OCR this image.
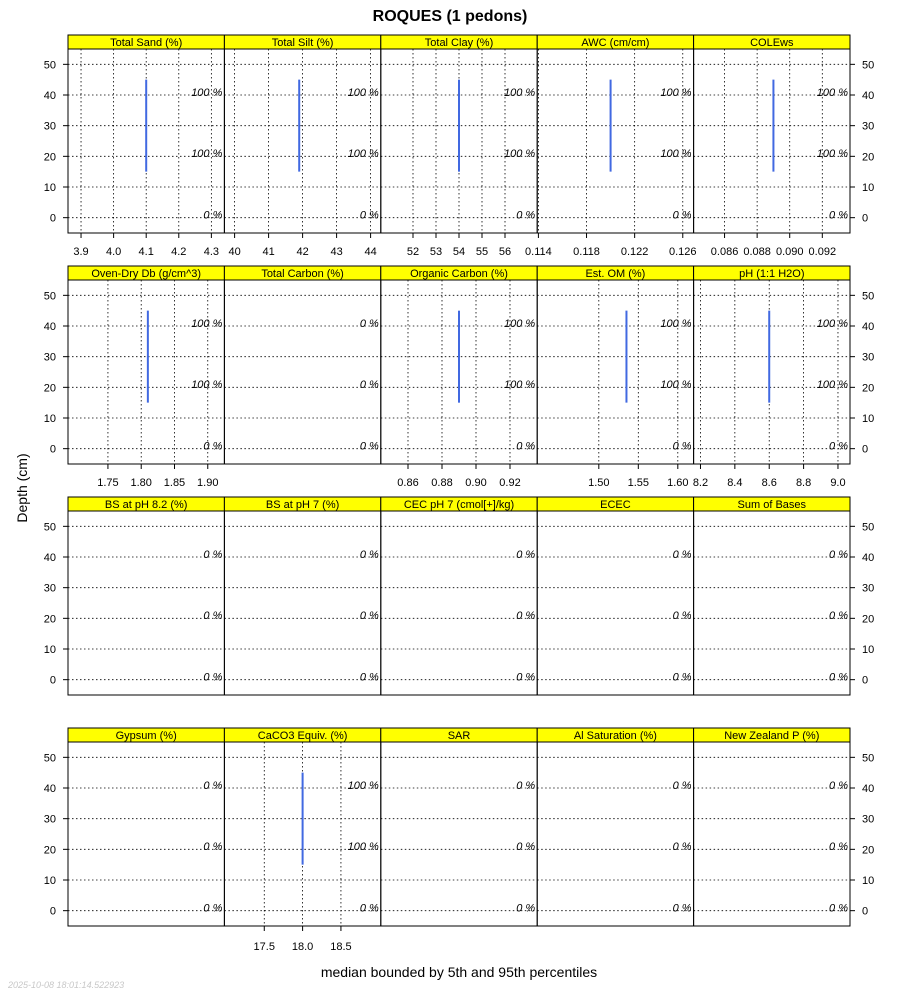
ROQUES (1 pedons)
Depth (cm)
median bounded by 5th and 95th percentiles
Total Sand (%)
3.9 4.0 4.1 4.2 4.3
0 %
100 %
100 %
0
10
20
30
40
50
Total Silt (%)
40 41 42 43 44
0 %
100 %
100 %
Total Clay (%)
52 53 54 55 56
0 %
100 %
100 %
AWC (cm/cm)
0.114 0.118 0.122 0.126
0 %
100 %
100 %
COLEws
0.086 0.088 0.090 0.092
0 %
100 %
100 %
0
10
20
30
40
50
Oven-Dry Db (g/cm^3)
1.75 1.80 1.85 1.90
0 %
100 %
100 %
0
10
20
30
40
50
Total Carbon (%)
0 %
0 %
0 %
Organic Carbon (%)
0.86 0.88 0.90 0.92
0 %
100 %
100 %
Est. OM (%)
1.50 1.55 1.60
0 %
100 %
100 %
pH (1:1 H2O)
8.2 8.4 8.6 8.8 9.0
0 %
100 %
100 %
0
10
20
30
40
50
BS at pH 8.2 (%)
0 %
0 %
0 %
0
10
20
30
40
50
BS at pH 7 (%)
0 %
0 %
0 %
CEC pH 7 (cmol[+]/kg)
0 %
0 %
0 %
ECEC
0 %
0 %
0 %
Sum of Bases
0 %
0 %
0 %
0
10
20
30
40
50
Gypsum (%)
0 %
0 %
0 %
0
10
20
30
40
50
CaCO3 Equiv. (%)
17.5 18.0 18.5
0 %
100 %
100 %
SAR
0 %
0 %
0 %
Al Saturation (%)
0 %
0 %
0 %
New Zealand P (%)
0 %
0 %
0 %
0
10
20
30
40
50
2025-10-08 18:01:14.522923
